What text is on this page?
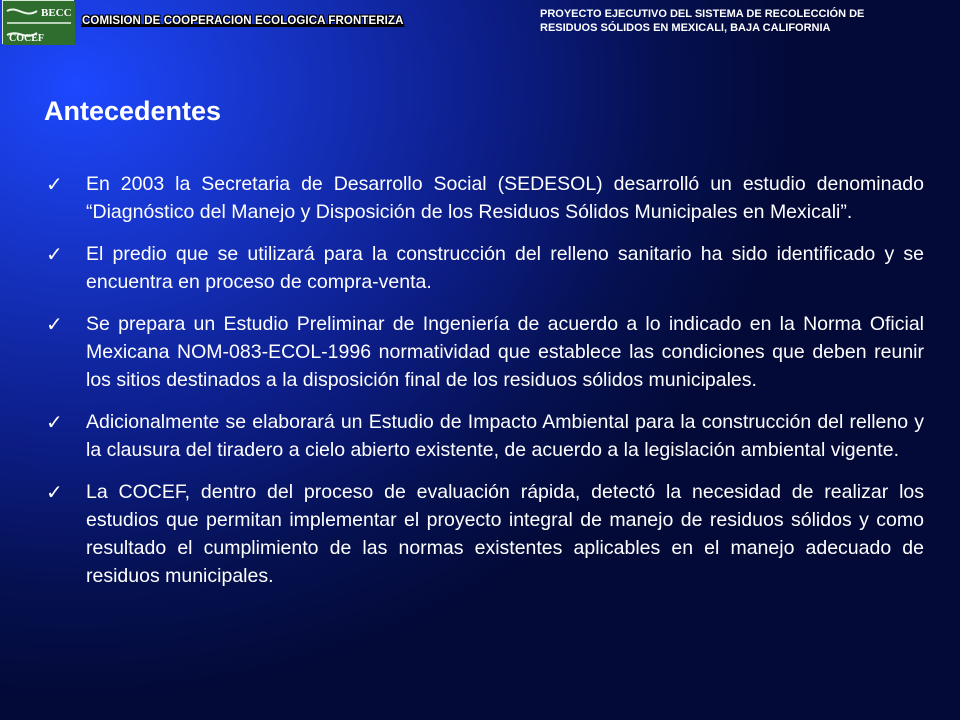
BECC
COCEF
COMISION DE COOPERACION ECOLOGICA FRONTERIZA
PROYECTO EJECUTIVO DEL SISTEMA DE RECOLECCIÓN DE
RESIDUOS SÓLIDOS EN MEXICALI, BAJA CALIFORNIA
Antecedentes
✓	En 2003 la Secretaria de Desarrollo Social (SEDESOL) desarrolló un estudio denominado “Diagnóstico del Manejo y Disposición de los Residuos Sólidos Municipales en Mexicali”.
✓	El predio que se utilizará para la construcción del relleno sanitario ha sido identificado y se encuentra en proceso de compra-venta.
✓	Se prepara un Estudio Preliminar de Ingeniería de acuerdo a lo indicado en la Norma Oficial Mexicana NOM-083-ECOL-1996 normatividad que establece las condiciones que deben reunir los sitios destinados a la disposición final de los residuos sólidos municipales.
✓	Adicionalmente se elaborará un Estudio de Impacto Ambiental para la construcción del relleno y la clausura del tiradero a cielo abierto existente, de acuerdo a la legislación ambiental vigente.
✓	La COCEF, dentro del proceso de evaluación rápida, detectó la necesidad de realizar los estudios que permitan implementar el proyecto integral de manejo de residuos sólidos y como resultado el cumplimiento de las normas existentes aplicables en el manejo adecuado de residuos municipales.
